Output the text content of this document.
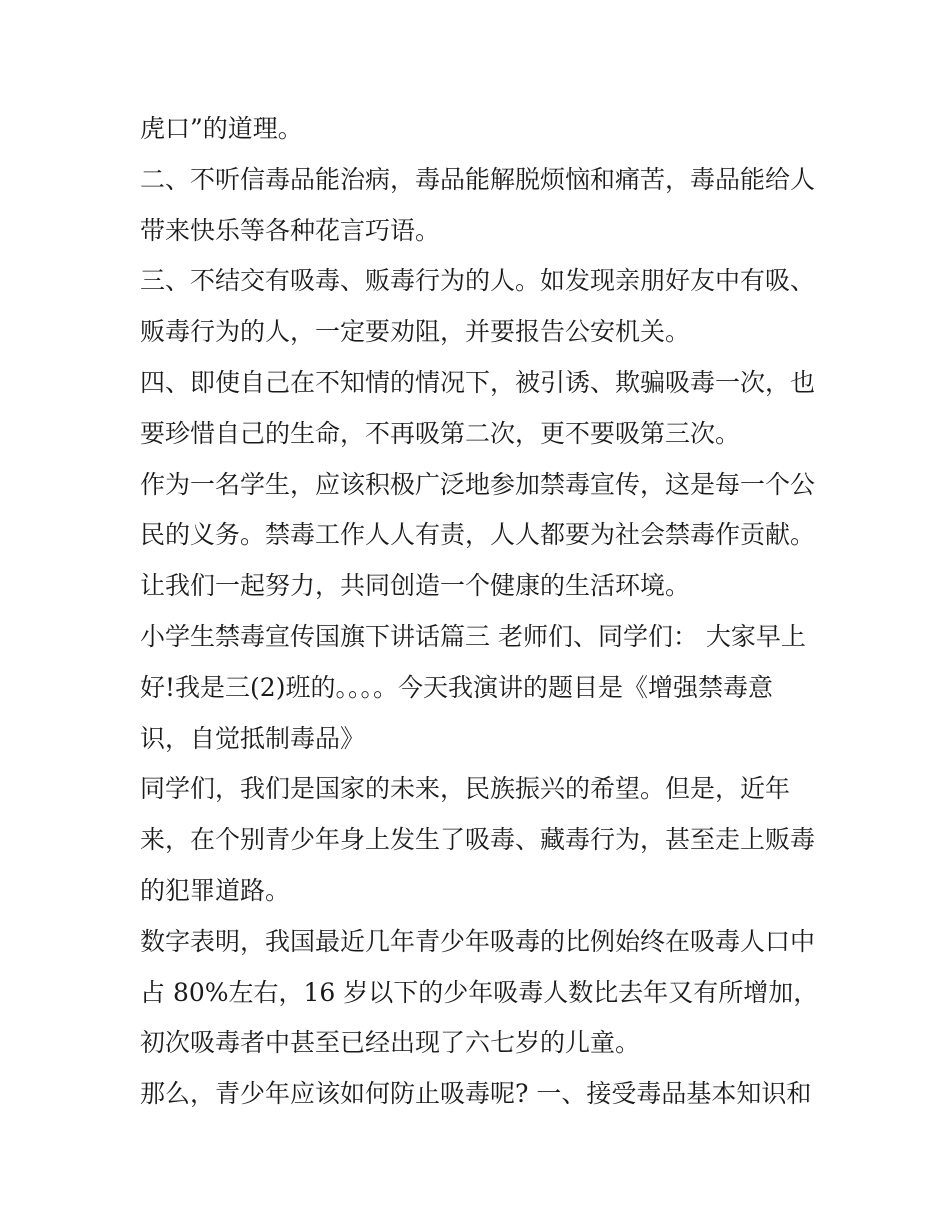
虎口”的道理。

二、不听信毒品能治病，毒品能解脱烦恼和痛苦，毒品能给人

带来快乐等各种花言巧语。

三、不结交有吸毒、贩毒行为的人。如发现亲朋好友中有吸、

贩毒行为的人，一定要劝阻，并要报告公安机关。

四、即使自己在不知情的情况下，被引诱、欺骗吸毒一次，也

要珍惜自己的生命，不再吸第二次，更不要吸第三次。

作为一名学生，应该积极广泛地参加禁毒宣传，这是每一个公

民的义务。禁毒工作人人有责，人人都要为社会禁毒作贡献。

让我们一起努力，共同创造一个健康的生活环境。

小学生禁毒宣传国旗下讲话篇三 老师们、同学们： 大家早上

好!我是三(2)班的。。。。今天我演讲的题目是《增强禁毒意

识，自觉抵制毒品》

同学们，我们是国家的未来，民族振兴的希望。但是，近年

来，在个别青少年身上发生了吸毒、藏毒行为，甚至走上贩毒

的犯罪道路。

数字表明，我国最近几年青少年吸毒的比例始终在吸毒人口中

占 80%左右，16 岁以下的少年吸毒人数比去年又有所增加，

初次吸毒者中甚至已经出现了六七岁的儿童。

那么，青少年应该如何防止吸毒呢? 一、接受毒品基本知识和
